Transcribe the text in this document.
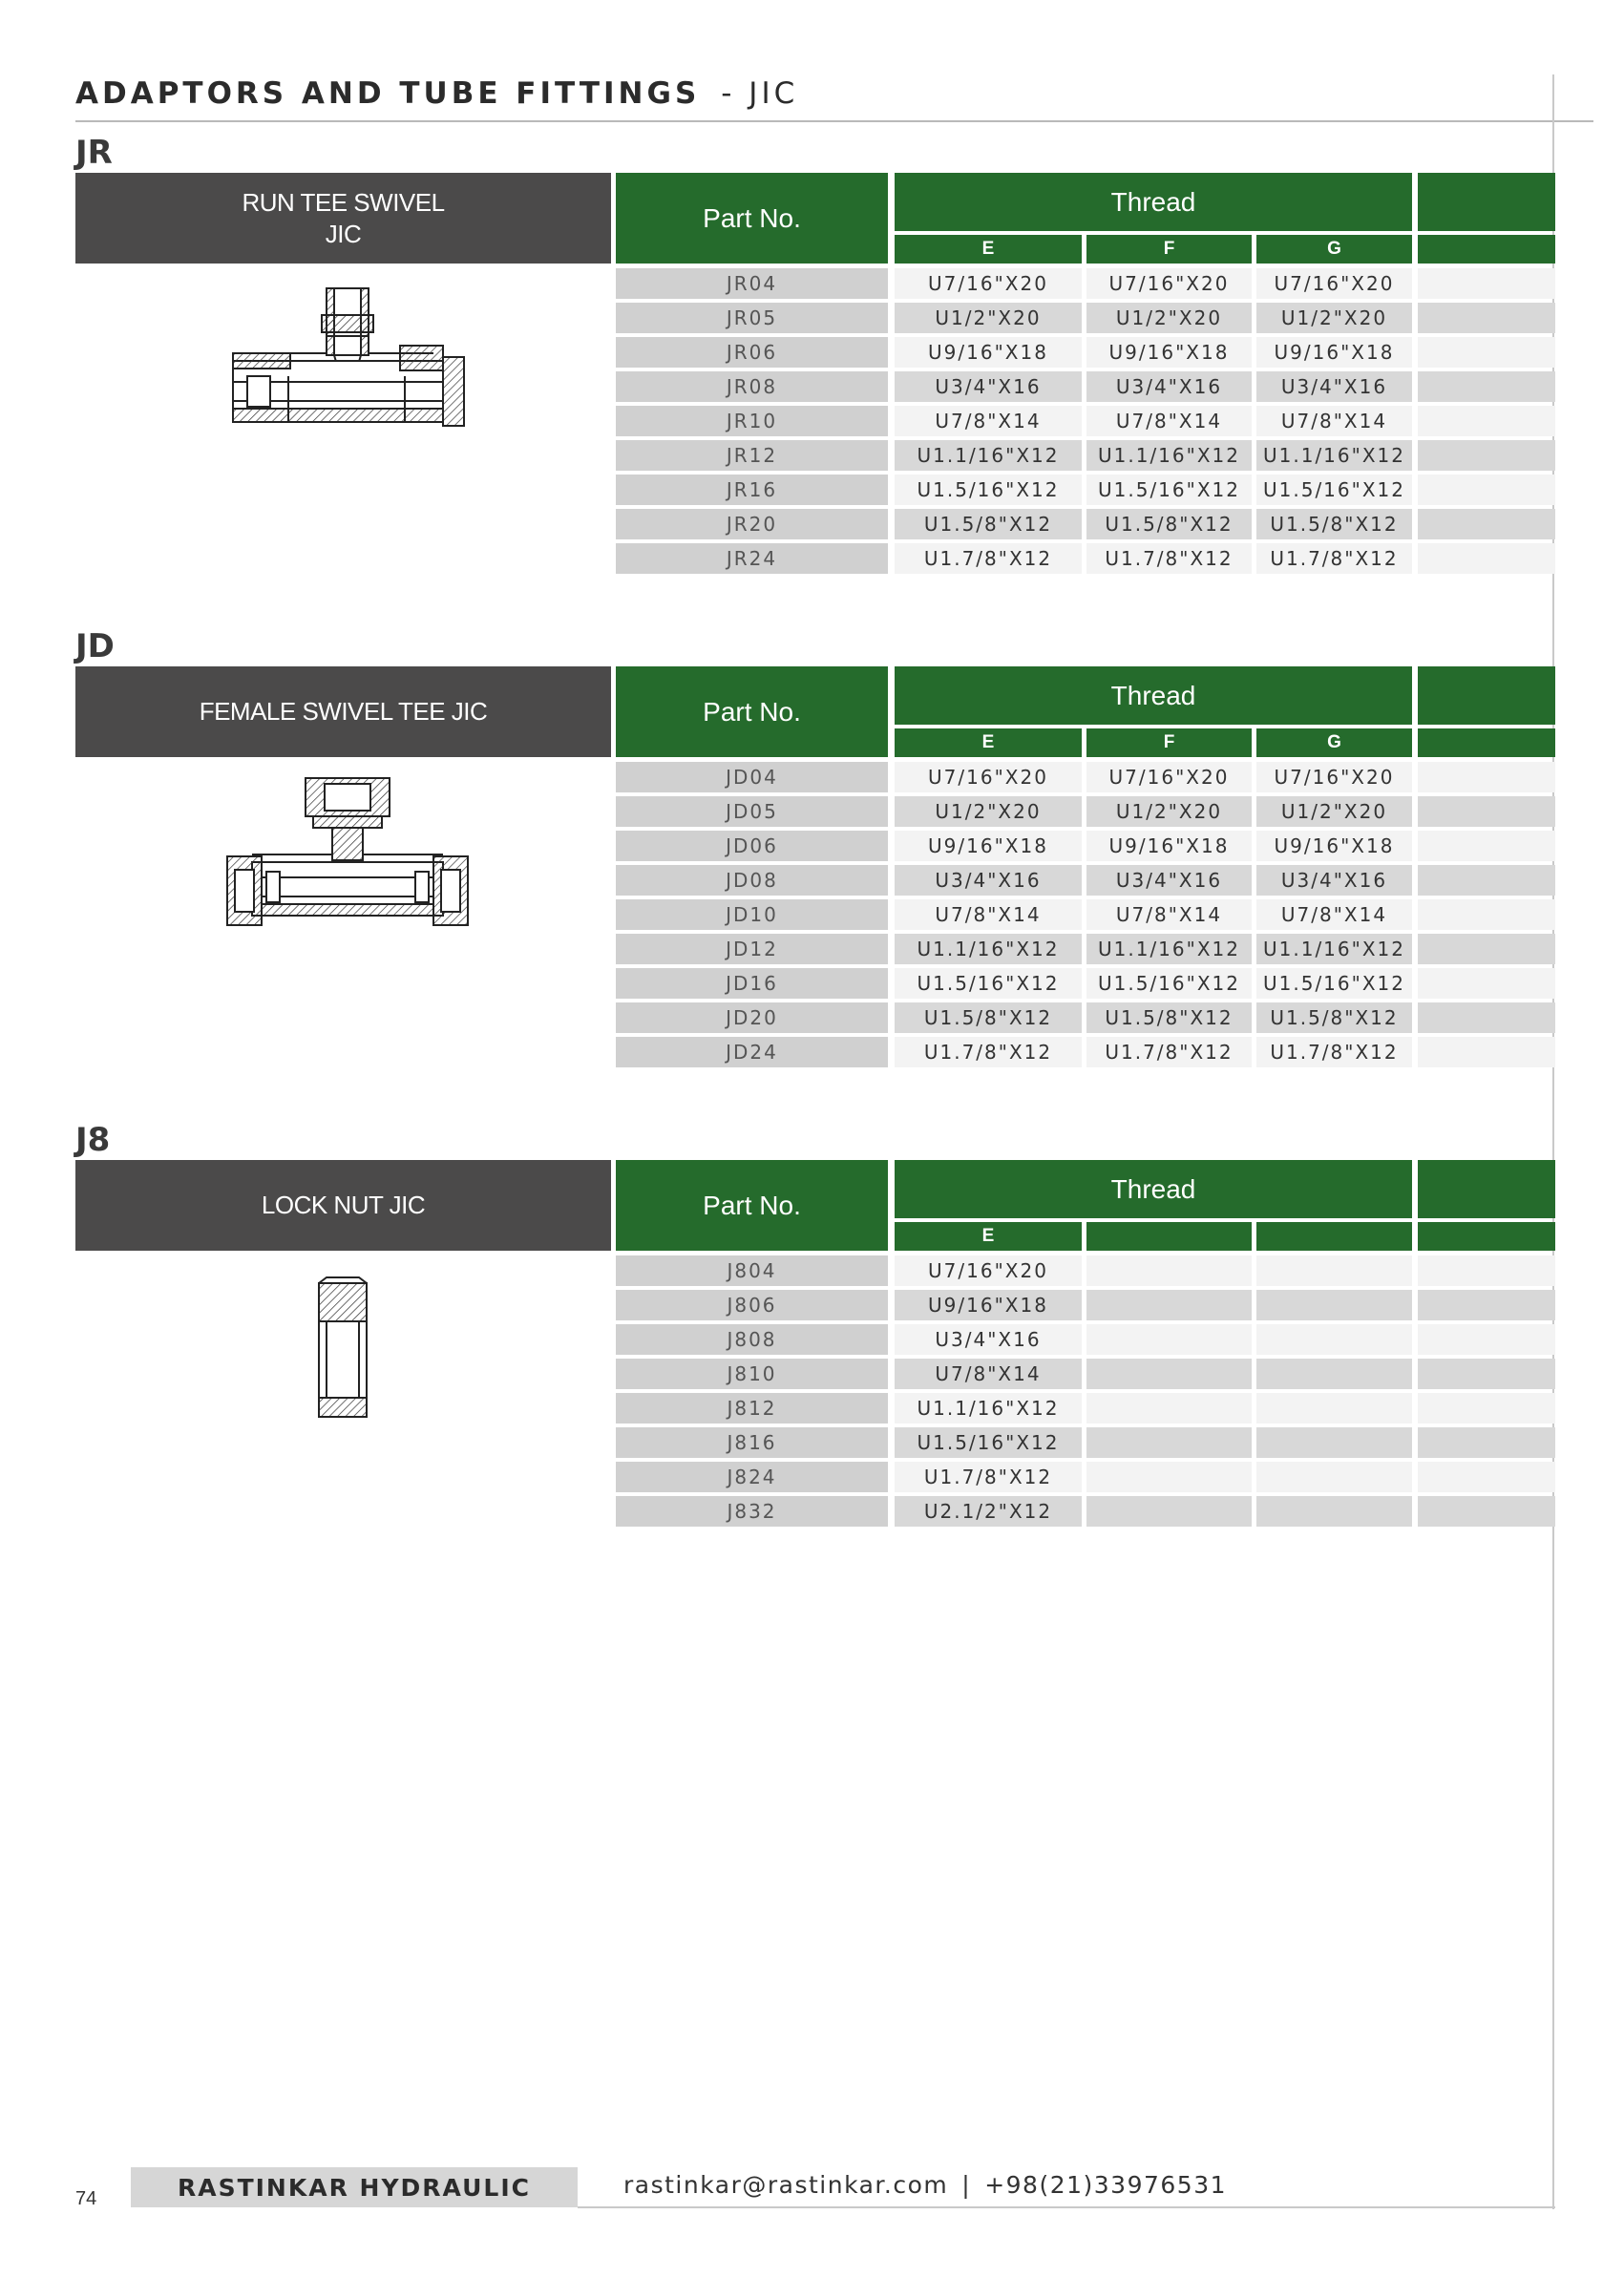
ADAPTORS AND TUBE FITTINGS - JIC
JR
RUN TEE SWIVEL
JIC
Part No.
Thread
E	F	G
JR04	U7/16"X20	U7/16"X20	U7/16"X20
JR05	U1/2"X20	U1/2"X20	U1/2"X20
JR06	U9/16"X18	U9/16"X18	U9/16"X18
JR08	U3/4"X16	U3/4"X16	U3/4"X16
JR10	U7/8"X14	U7/8"X14	U7/8"X14
JR12	U1.1/16"X12	U1.1/16"X12	U1.1/16"X12
JR16	U1.5/16"X12	U1.5/16"X12	U1.5/16"X12
JR20	U1.5/8"X12	U1.5/8"X12	U1.5/8"X12
JR24	U1.7/8"X12	U1.7/8"X12	U1.7/8"X12
JD
FEMALE SWIVEL TEE JIC	Part No.
Thread
E	F	G
JD04	U7/16"X20	U7/16"X20	U7/16"X20
JD05	U1/2"X20	U1/2"X20	U1/2"X20
JD06	U9/16"X18	U9/16"X18	U9/16"X18
JD08	U3/4"X16	U3/4"X16	U3/4"X16
JD10	U7/8"X14	U7/8"X14	U7/8"X14
JD12	U1.1/16"X12	U1.1/16"X12	U1.1/16"X12
JD16	U1.5/16"X12	U1.5/16"X12	U1.5/16"X12
JD20	U1.5/8"X12	U1.5/8"X12	U1.5/8"X12
JD24	U1.7/8"X12	U1.7/8"X12	U1.7/8"X12
J8
LOCK NUT JIC	Part No.
Thread
E
J804	U7/16"X20
J806	U9/16"X18
J808	U3/4"X16
J810	U7/8"X14
J812	U1.1/16"X12
J816	U1.5/16"X12
J824	U1.7/8"X12
J832	U2.1/2"X12

74	RASTINKAR HYDRAULIC	rastinkar@rastinkar.com | +98(21)33976531
